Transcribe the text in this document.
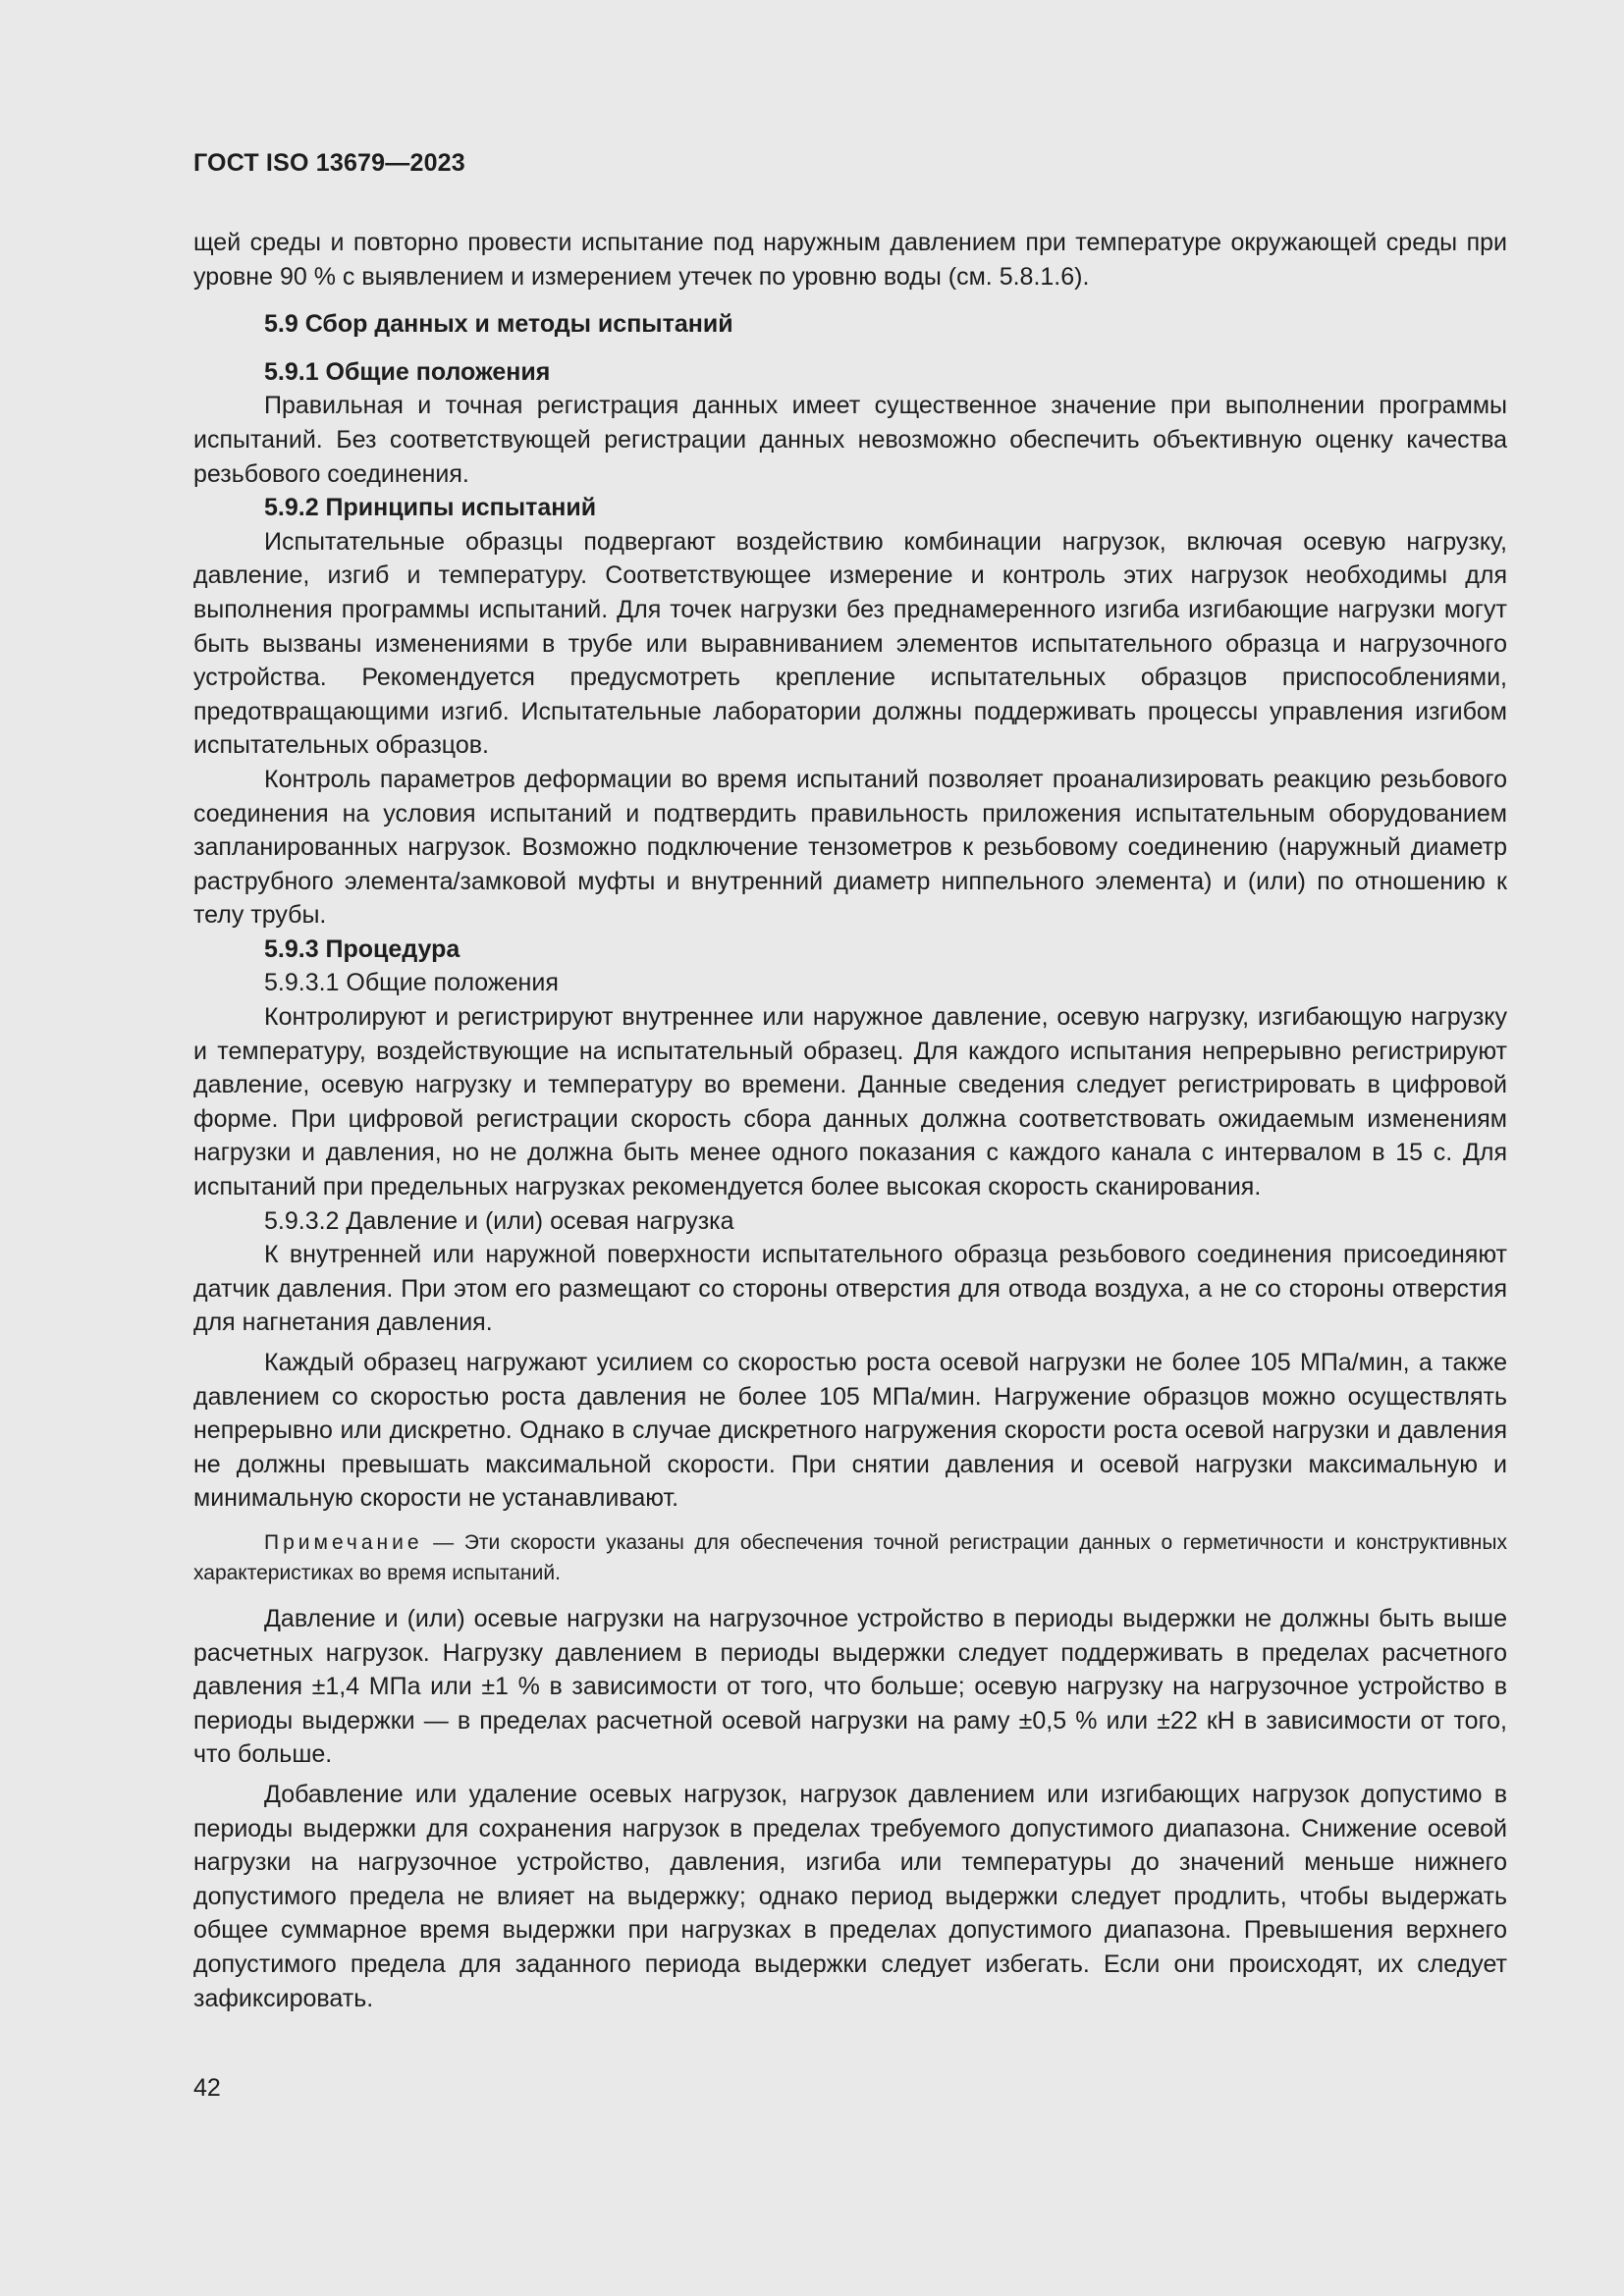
ГОСТ ISO 13679—2023

щей среды и повторно провести испытание под наружным давлением при температуре окружающей среды при уровне 90 % с выявлением и измерением утечек по уровню воды (см. 5.8.1.6).

5.9 Сбор данных и методы испытаний

5.9.1 Общие положения

Правильная и точная регистрация данных имеет существенное значение при выполнении программы испытаний. Без соответствующей регистрации данных невозможно обеспечить объективную оценку качества резьбового соединения.

5.9.2 Принципы испытаний

Испытательные образцы подвергают воздействию комбинации нагрузок, включая осевую нагрузку, давление, изгиб и температуру. Соответствующее измерение и контроль этих нагрузок необходимы для выполнения программы испытаний. Для точек нагрузки без преднамеренного изгиба изгибающие нагрузки могут быть вызваны изменениями в трубе или выравниванием элементов испытательного образца и нагрузочного устройства. Рекомендуется предусмотреть крепление испытательных образцов приспособлениями, предотвращающими изгиб. Испытательные лаборатории должны поддерживать процессы управления изгибом испытательных образцов.

Контроль параметров деформации во время испытаний позволяет проанализировать реакцию резьбового соединения на условия испытаний и подтвердить правильность приложения испытательным оборудованием запланированных нагрузок. Возможно подключение тензометров к резьбовому соединению (наружный диаметр раструбного элемента/замковой муфты и внутренний диаметр ниппельного элемента) и (или) по отношению к телу трубы.

5.9.3 Процедура

5.9.3.1 Общие положения

Контролируют и регистрируют внутреннее или наружное давление, осевую нагрузку, изгибающую нагрузку и температуру, воздействующие на испытательный образец. Для каждого испытания непрерывно регистрируют давление, осевую нагрузку и температуру во времени. Данные сведения следует регистрировать в цифровой форме. При цифровой регистрации скорость сбора данных должна соответствовать ожидаемым изменениям нагрузки и давления, но не должна быть менее одного показания с каждого канала с интервалом в 15 с. Для испытаний при предельных нагрузках рекомендуется более высокая скорость сканирования.

5.9.3.2 Давление и (или) осевая нагрузка

К внутренней или наружной поверхности испытательного образца резьбового соединения присоединяют датчик давления. При этом его размещают со стороны отверстия для отвода воздуха, а не со стороны отверстия для нагнетания давления.

Каждый образец нагружают усилием со скоростью роста осевой нагрузки не более 105 МПа/мин, а также давлением со скоростью роста давления не более 105 МПа/мин. Нагружение образцов можно осуществлять непрерывно или дискретно. Однако в случае дискретного нагружения скорости роста осевой нагрузки и давления не должны превышать максимальной скорости. При снятии давления и осевой нагрузки максимальную и минимальную скорости не устанавливают.

Примечание — Эти скорости указаны для обеспечения точной регистрации данных о герметичности и конструктивных характеристиках во время испытаний.

Давление и (или) осевые нагрузки на нагрузочное устройство в периоды выдержки не должны быть выше расчетных нагрузок. Нагрузку давлением в периоды выдержки следует поддерживать в пределах расчетного давления ±1,4 МПа или ±1 % в зависимости от того, что больше; осевую нагрузку на нагрузочное устройство в периоды выдержки — в пределах расчетной осевой нагрузки на раму ±0,5 % или ±22 кН в зависимости от того, что больше.

Добавление или удаление осевых нагрузок, нагрузок давлением или изгибающих нагрузок допустимо в периоды выдержки для сохранения нагрузок в пределах требуемого допустимого диапазона. Снижение осевой нагрузки на нагрузочное устройство, давления, изгиба или температуры до значений меньше нижнего допустимого предела не влияет на выдержку; однако период выдержки следует продлить, чтобы выдержать общее суммарное время выдержки при нагрузках в пределах допустимого диапазона. Превышения верхнего допустимого предела для заданного периода выдержки следует избегать. Если они происходят, их следует зафиксировать.

42
